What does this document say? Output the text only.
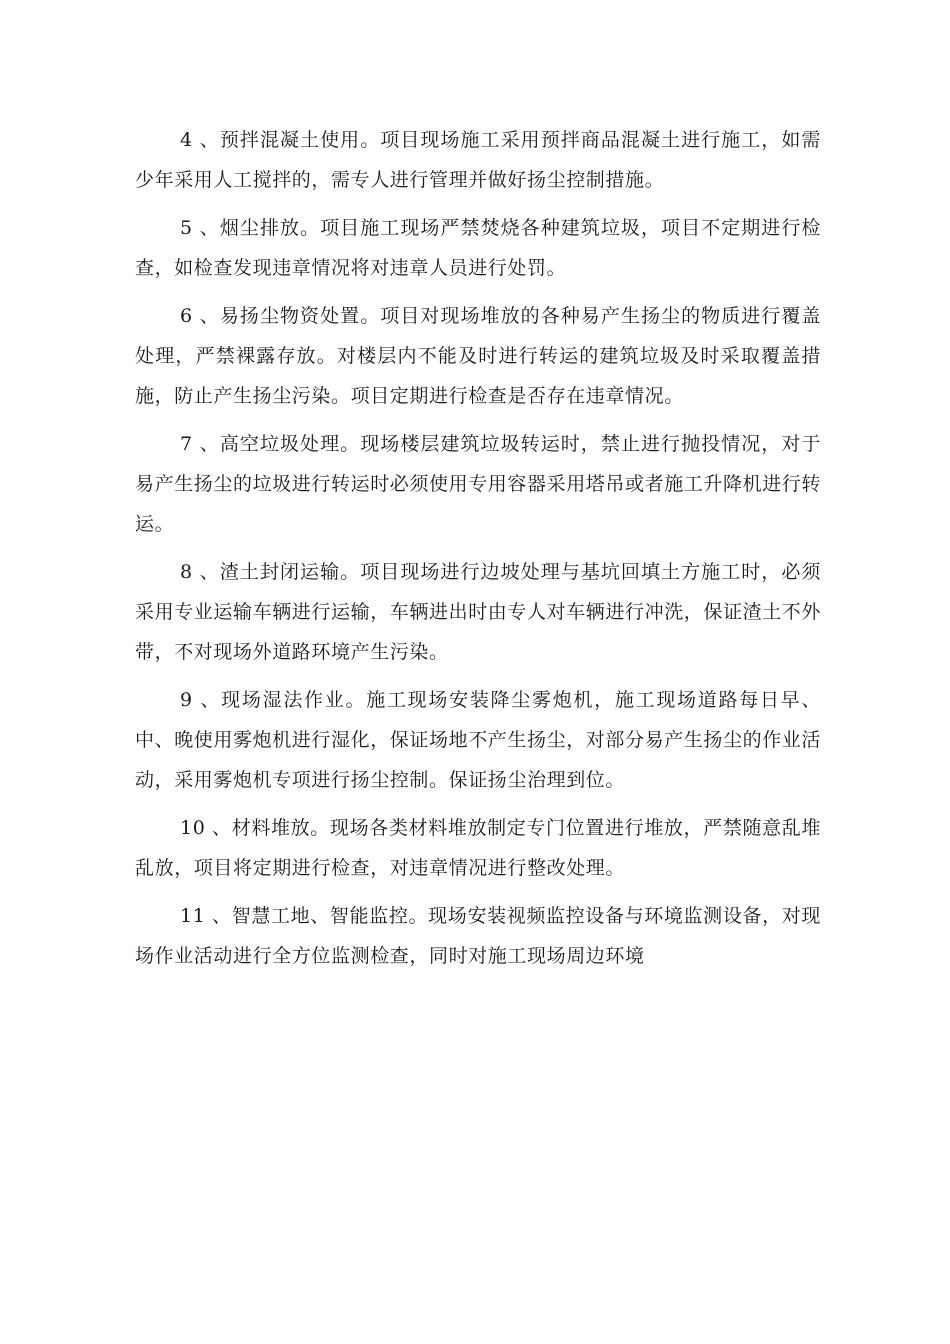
4 、预拌混凝土使用。项目现场施工采用预拌商品混凝土进行施工，如需少年采用人工搅拌的，需专人进行管理并做好扬尘控制措施。

5 、烟尘排放。项目施工现场严禁焚烧各种建筑垃圾，项目不定期进行检查，如检查发现违章情况将对违章人员进行处罚。

6 、易扬尘物资处置。项目对现场堆放的各种易产生扬尘的物质进行覆盖处理，严禁裸露存放。对楼层内不能及时进行转运的建筑垃圾及时采取覆盖措施，防止产生扬尘污染。项目定期进行检查是否存在违章情况。

7 、高空垃圾处理。现场楼层建筑垃圾转运时，禁止进行抛投情况，对于易产生扬尘的垃圾进行转运时必须使用专用容器采用塔吊或者施工升降机进行转运。

8 、渣土封闭运输。项目现场进行边坡处理与基坑回填土方施工时，必须采用专业运输车辆进行运输，车辆进出时由专人对车辆进行冲洗，保证渣土不外带，不对现场外道路环境产生污染。

9 、现场湿法作业。施工现场安装降尘雾炮机，施工现场道路每日早、中、晚使用雾炮机进行湿化，保证场地不产生扬尘，对部分易产生扬尘的作业活动，采用雾炮机专项进行扬尘控制。保证扬尘治理到位。

10 、材料堆放。现场各类材料堆放制定专门位置进行堆放，严禁随意乱堆乱放，项目将定期进行检查，对违章情况进行整改处理。

11 、智慧工地、智能监控。现场安装视频监控设备与环境监测设备，对现场作业活动进行全方位监测检查，同时对施工现场周边环境
